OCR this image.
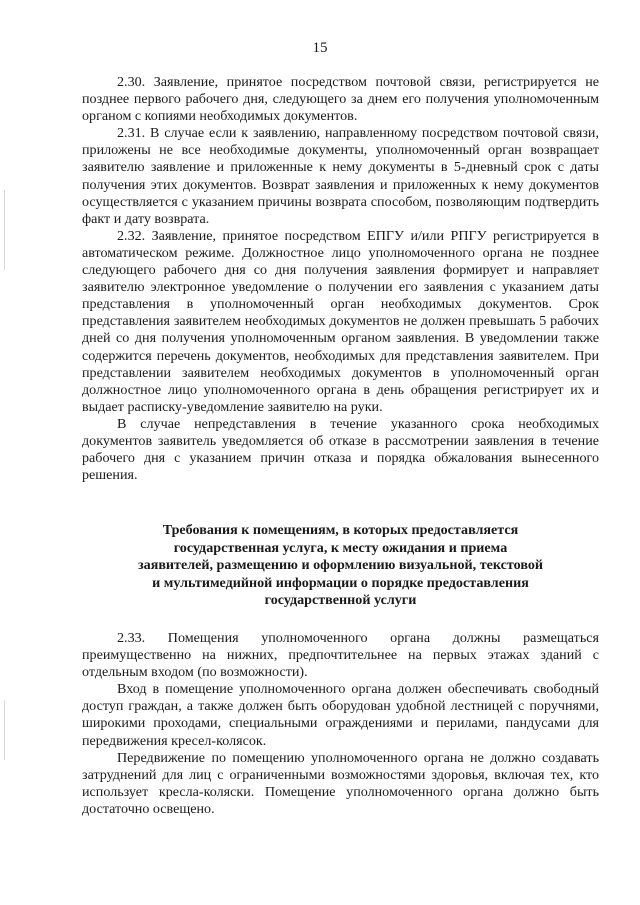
15

2.30. Заявление, принятое посредством почтовой связи, регистрируется не позднее первого рабочего дня, следующего за днем его получения уполномоченным органом с копиями необходимых документов.

2.31. В случае если к заявлению, направленному посредством почтовой связи, приложены не все необходимые документы, уполномоченный орган возвращает заявителю заявление и приложенные к нему документы в 5-дневный срок с даты получения этих документов. Возврат заявления и приложенных к нему документов осуществляется с указанием причины возврата способом, позволяющим подтвердить факт и дату возврата.

2.32. Заявление, принятое посредством ЕПГУ и/или РПГУ регистрируется в автоматическом режиме. Должностное лицо уполномоченного органа не позднее следующего рабочего дня со дня получения заявления формирует и направляет заявителю электронное уведомление о получении его заявления с указанием даты представления в уполномоченный орган необходимых документов. Срок представления заявителем необходимых документов не должен превышать 5 рабочих дней со дня получения уполномоченным органом заявления. В уведомлении также содержится перечень документов, необходимых для представления заявителем. При представлении заявителем необходимых документов в уполномоченный орган должностное лицо уполномоченного органа в день обращения регистрирует их и выдает расписку-уведомление заявителю на руки.

В случае непредставления в течение указанного срока необходимых документов заявитель уведомляется об отказе в рассмотрении заявления в течение рабочего дня с указанием причин отказа и порядка обжалования вынесенного решения.

Требования к помещениям, в которых предоставляется
государственная услуга, к месту ожидания и приема
заявителей, размещению и оформлению визуальной, текстовой
и мультимедийной информации о порядке предоставления
государственной услуги

2.33. Помещения уполномоченного органа должны размещаться преимущественно на нижних, предпочтительнее на первых этажах зданий с отдельным входом (по возможности).

Вход в помещение уполномоченного органа должен обеспечивать свободный доступ граждан, а также должен быть оборудован удобной лестницей с поручнями, широкими проходами, специальными ограждениями и перилами, пандусами для передвижения кресел-колясок.

Передвижение по помещению уполномоченного органа не должно создавать затруднений для лиц с ограниченными возможностями здоровья, включая тех, кто использует кресла-коляски. Помещение уполномоченного органа должно быть достаточно освещено.
